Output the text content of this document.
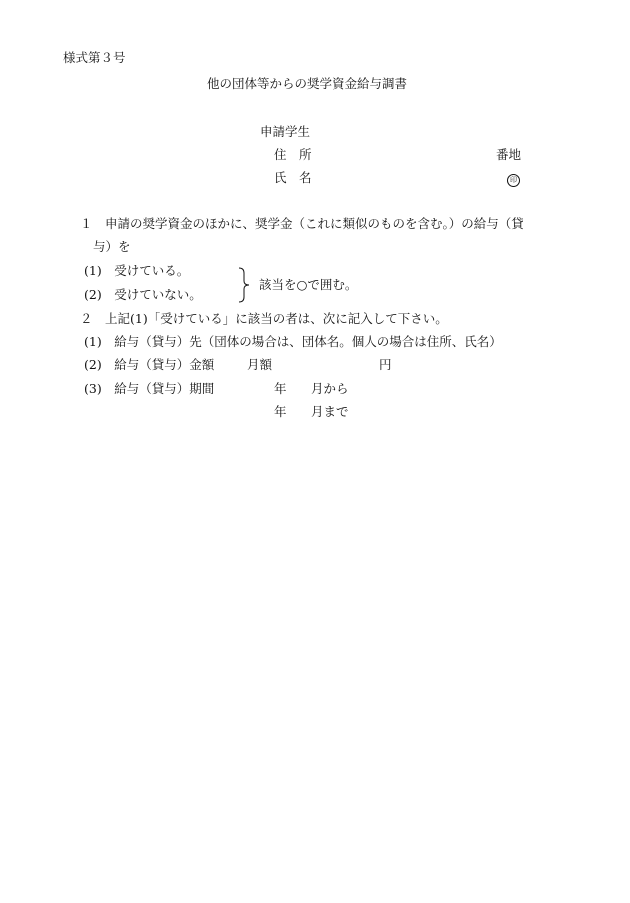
様式第３号
他の団体等からの奨学資金給与調書
申請学生
住　所	番地
氏　名	印
１　申請の奨学資金のほかに、奨学金（これに類似のものを含む。）の給与（貸
与）を
(1)　受けている。
(2)　受けていない。
該当を○で囲む。
２　上記(1)「受けている」に該当の者は、次に記入して下さい。
(1)　給与（貸与）先（団体の場合は、団体名。個人の場合は住所、氏名）
(2)　給与（貸与）金額	月額	円
(3)　給与（貸与）期間	年 月から
年 月まで
